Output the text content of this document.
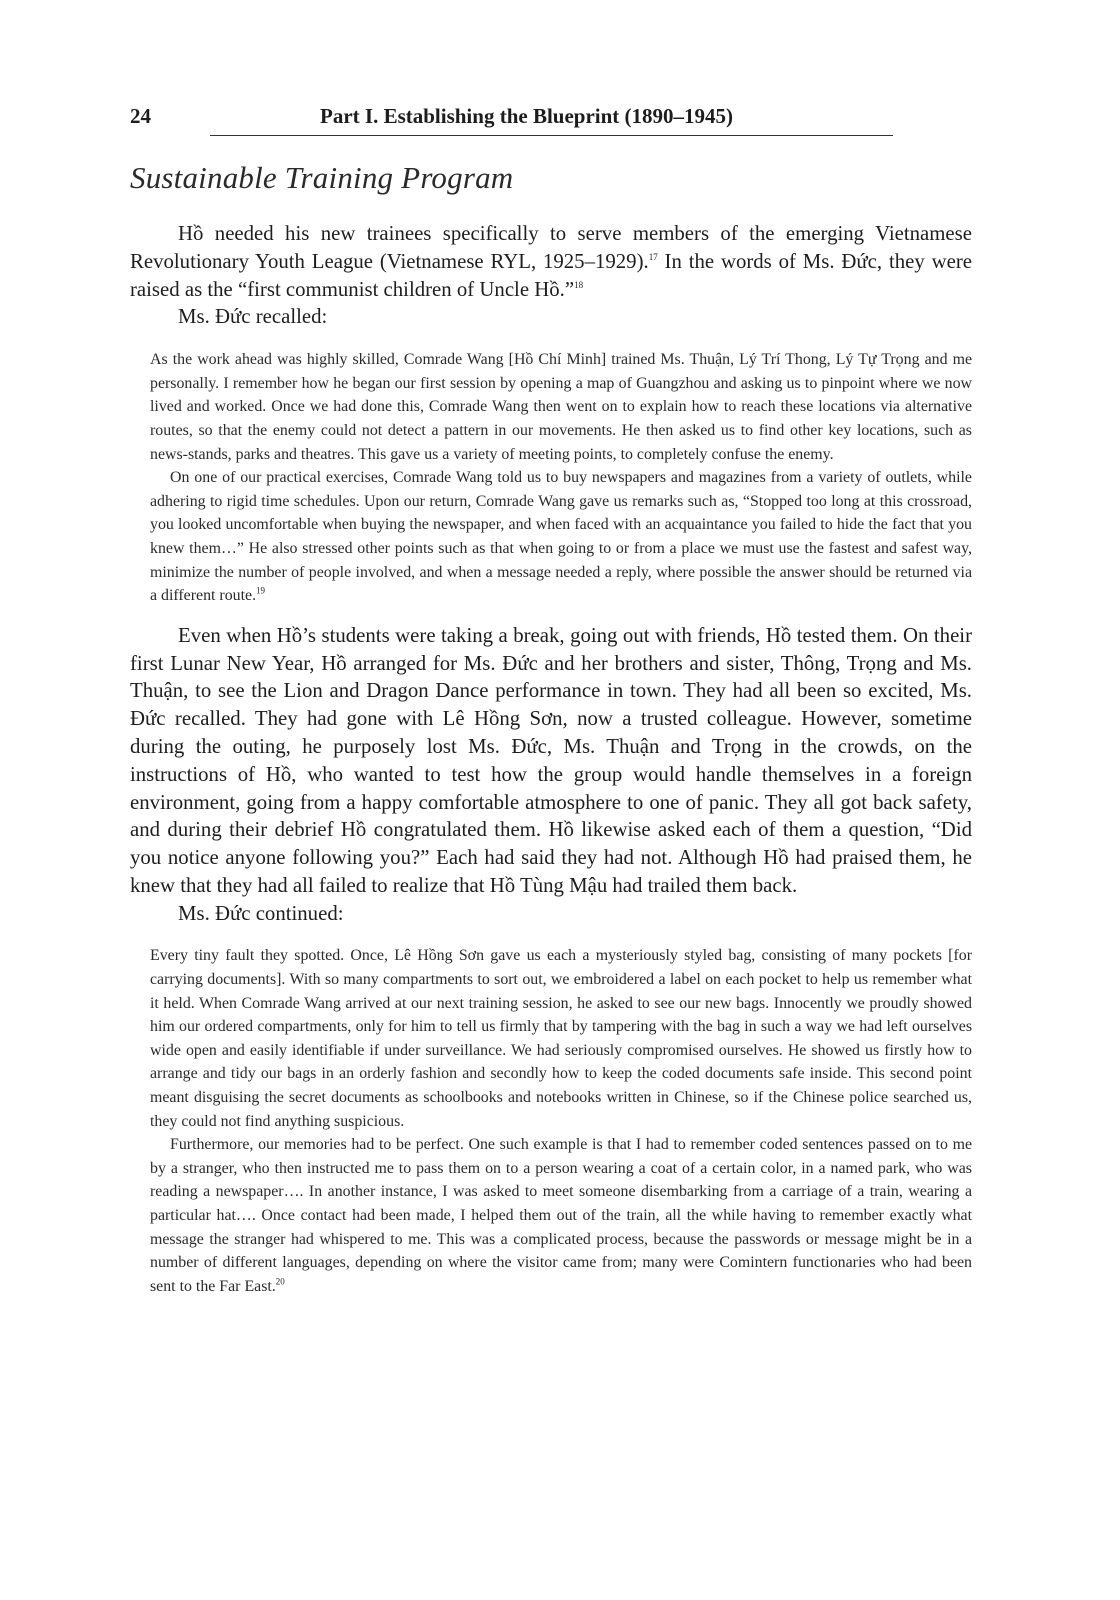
24	Part I. Establishing the Blueprint (1890–1945)
Sustainable Training Program

Hồ needed his new trainees specifically to serve members of the emerging Vietnamese Revolutionary Youth League (Vietnamese RYL, 1925–1929).$^{17}$ In the words of Ms. Đức, they were raised as the “first communist children of Uncle Hồ.”$^{18}$

Ms. Đức recalled:

As the work ahead was highly skilled, Comrade Wang [Hồ Chí Minh] trained Ms. Thuận, Lý Trí Thong, Lý Tự Trọng and me personally. I remember how he began our first session by opening a map of Guangzhou and asking us to pinpoint where we now lived and worked. Once we had done this, Comrade Wang then went on to explain how to reach these locations via alternative routes, so that the enemy could not detect a pattern in our movements. He then asked us to find other key locations, such as news-stands, parks and theatres. This gave us a variety of meeting points, to completely confuse the enemy.

On one of our practical exercises, Comrade Wang told us to buy newspapers and magazines from a variety of outlets, while adhering to rigid time schedules. Upon our return, Comrade Wang gave us remarks such as, “Stopped too long at this crossroad, you looked uncomfortable when buying the newspaper, and when faced with an acquaintance you failed to hide the fact that you knew them…” He also stressed other points such as that when going to or from a place we must use the fastest and safest way, minimize the number of people involved, and when a message needed a reply, where possible the answer should be returned via a different route.$^{19}$

Even when Hồ’s students were taking a break, going out with friends, Hồ tested them. On their first Lunar New Year, Hồ arranged for Ms. Đức and her brothers and sister, Thông, Trọng and Ms. Thuận, to see the Lion and Dragon Dance performance in town. They had all been so excited, Ms. Đức recalled. They had gone with Lê Hồng Sơn, now a trusted colleague. However, sometime during the outing, he purposely lost Ms. Đức, Ms. Thuận and Trọng in the crowds, on the instructions of Hồ, who wanted to test how the group would handle themselves in a foreign environment, going from a happy comfortable atmosphere to one of panic. They all got back safety, and during their debrief Hồ congratulated them. Hồ likewise asked each of them a question, “Did you notice anyone following you?” Each had said they had not. Although Hồ had praised them, he knew that they had all failed to realize that Hồ Tùng Mậu had trailed them back.

Ms. Đức continued:

Every tiny fault they spotted. Once, Lê Hồng Sơn gave us each a mysteriously styled bag, consisting of many pockets [for carrying documents]. With so many compartments to sort out, we embroidered a label on each pocket to help us remember what it held. When Comrade Wang arrived at our next training session, he asked to see our new bags. Innocently we proudly showed him our ordered compartments, only for him to tell us firmly that by tampering with the bag in such a way we had left ourselves wide open and easily identifiable if under surveillance. We had seriously compromised ourselves. He showed us firstly how to arrange and tidy our bags in an orderly fashion and secondly how to keep the coded documents safe inside. This second point meant disguising the secret documents as schoolbooks and notebooks written in Chinese, so if the Chinese police searched us, they could not find anything suspicious.

Furthermore, our memories had to be perfect. One such example is that I had to remember coded sentences passed on to me by a stranger, who then instructed me to pass them on to a person wearing a coat of a certain color, in a named park, who was reading a newspaper…. In another instance, I was asked to meet someone disembarking from a carriage of a train, wearing a particular hat…. Once contact had been made, I helped them out of the train, all the while having to remember exactly what message the stranger had whispered to me. This was a complicated process, because the passwords or message might be in a number of different languages, depending on where the visitor came from; many were Comintern functionaries who had been sent to the Far East.$^{20}$
